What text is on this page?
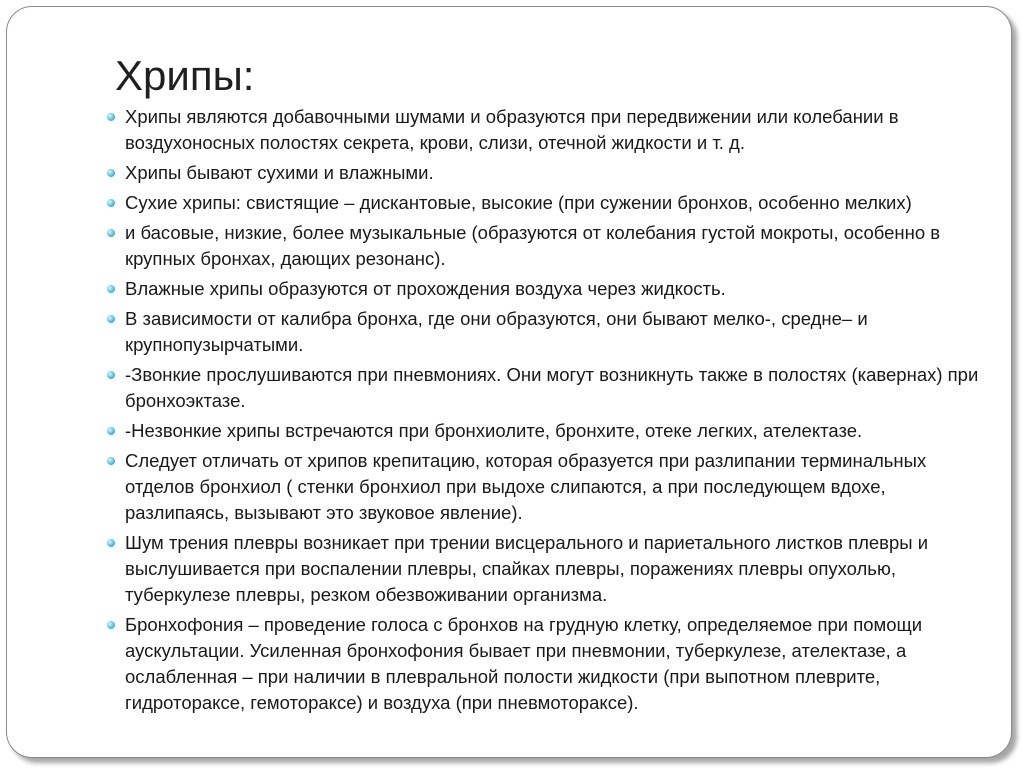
Хрипы:
Хрипы являются добавочными шумами и образуются при передвижении или колебании в воздухоносных полостях секрета, крови, слизи, отечной жидкости и т. д.
Хрипы бывают сухими и влажными.
Сухие хрипы: свистящие – дискантовые, высокие (при сужении бронхов, особенно мелких)
и басовые, низкие, более музыкальные (образуются от колебания густой мокроты, особенно в крупных бронхах, дающих резонанс).
Влажные хрипы образуются от прохождения воздуха через жидкость.
В зависимости от калибра бронха, где они образуются, они бывают мелко-, средне– и крупнопузырчатыми.
-Звонкие прослушиваются при пневмониях. Они могут возникнуть также в полостях (кавернах) при бронхоэктазе.
-Незвонкие хрипы встречаются при бронхиолите, бронхите, отеке легких, ателектазе.
Следует отличать от хрипов крепитацию, которая образуется при разлипании терминальных отделов бронхиол ( стенки бронхиол при выдохе слипаются, а при последующем вдохе, разлипаясь, вызывают это звуковое явление).
Шум трения плевры возникает при трении висцерального и париетального листков плевры и выслушивается при воспалении плевры, спайках плевры, поражениях плевры опухолью, туберкулезе плевры, резком обезвоживании организма.
Бронхофония – проведение голоса с бронхов на грудную клетку, определяемое при помощи аускультации. Усиленная бронхофония бывает при пневмонии, туберкулезе, ателектазе, а ослабленная – при наличии в плевральной полости жидкости (при выпотном плеврите, гидротораксе, гемотораксе) и воздуха (при пневмотораксе).
